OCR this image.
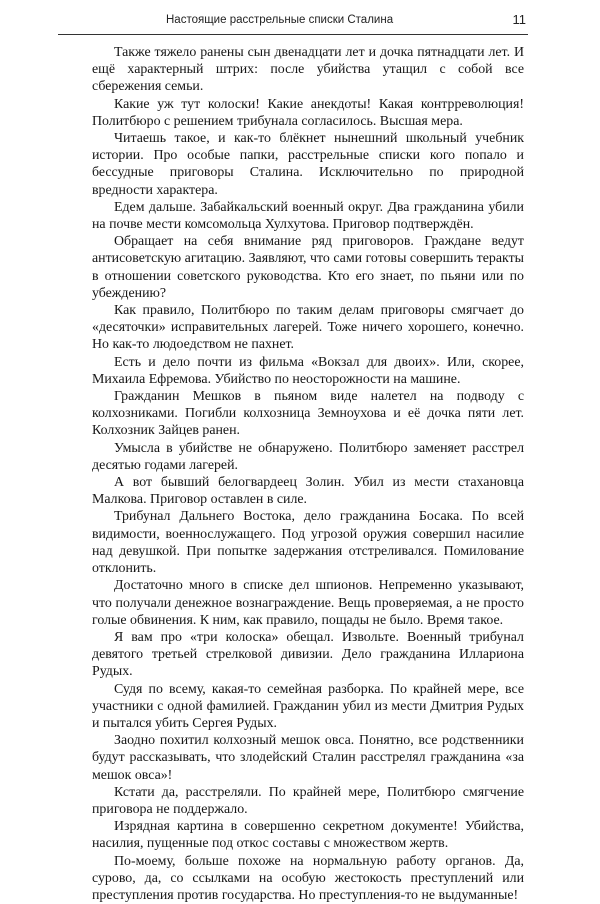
Настоящие расстрельные списки Сталина	11

Также тяжело ранены сын двенадцати лет и дочка пятнадцати лет. И ещё характерный штрих: после убийства утащил с собой все сбережения семьи.

Какие уж тут колоски! Какие анекдоты! Какая контрреволюция! Политбюро с решением трибунала согласилось. Высшая мера.

Читаешь такое, и как-то блёкнет нынешний школьный учебник истории. Про особые папки, расстрельные списки кого попало и бессудные приговоры Сталина. Исключительно по природной вредности характера.

Едем дальше. Забайкальский военный округ. Два гражданина убили на почве мести комсомольца Хулхутова. Приговор подтверждён.

Обращает на себя внимание ряд приговоров. Граждане ведут антисоветскую агитацию. Заявляют, что сами готовы совершить теракты в отношении советского руководства. Кто его знает, по пьяни или по убеждению?

Как правило, Политбюро по таким делам приговоры смягчает до «десяточки» исправительных лагерей. Тоже ничего хорошего, конечно. Но как-то людоедством не пахнет.

Есть и дело почти из фильма «Вокзал для двоих». Или, скорее, Михаила Ефремова. Убийство по неосторожности на машине.

Гражданин Мешков в пьяном виде налетел на подводу с колхозниками. Погибли колхозница Земноухова и её дочка пяти лет. Колхозник Зайцев ранен.

Умысла в убийстве не обнаружено. Политбюро заменяет расстрел десятью годами лагерей.

А вот бывший белогвардеец Золин. Убил из мести стахановца Малкова. Приговор оставлен в силе.

Трибунал Дальнего Востока, дело гражданина Босака. По всей видимости, военнослужащего. Под угрозой оружия совершил насилие над девушкой. При попытке задержания отстреливался. Помилование отклонить.

Достаточно много в списке дел шпионов. Непременно указывают, что получали денежное вознаграждение. Вещь проверяемая, а не просто голые обвинения. К ним, как правило, пощады не было. Время такое.

Я вам про «три колоска» обещал. Извольте. Военный трибунал девятого третьей стрелковой дивизии. Дело гражданина Иллариона Рудых.

Судя по всему, какая-то семейная разборка. По крайней мере, все участники с одной фамилией. Гражданин убил из мести Дмитрия Рудых и пытался убить Сергея Рудых.

Заодно похитил колхозный мешок овса. Понятно, все родственники будут рассказывать, что злодейский Сталин расстрелял гражданина «за мешок овса»!

Кстати да, расстреляли. По крайней мере, Политбюро смягчение приговора не поддержало.

Изрядная картина в совершенно секретном документе! Убийства, насилия, пущенные под откос составы с множеством жертв.

По-моему, больше похоже на нормальную работу органов. Да, сурово, да, со ссылками на особую жестокость преступлений или преступления против государства. Но преступления-то не выдуманные!
